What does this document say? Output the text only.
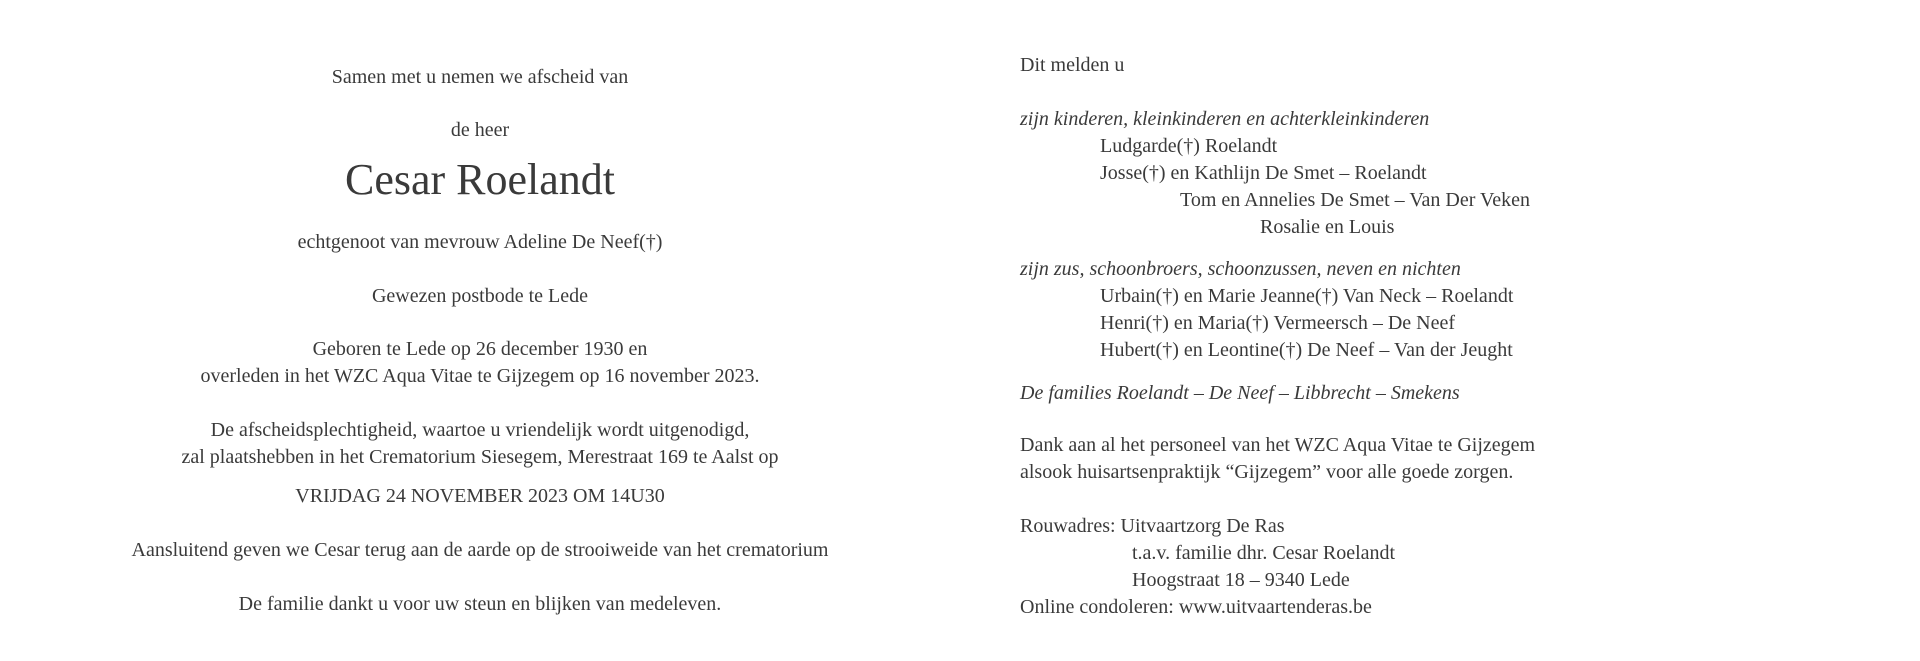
Samen met u nemen we afscheid van
de heer
Cesar Roelandt
echtgenoot van mevrouw Adeline De Neef(†)
Gewezen postbode te Lede
Geboren te Lede op 26 december 1930 en
overleden in het WZC Aqua Vitae te Gijzegem op 16 november 2023.
De afscheidsplechtigheid, waartoe u vriendelijk wordt uitgenodigd,
zal plaatshebben in het Crematorium Siesegem, Merestraat 169 te Aalst op
VRIJDAG 24 NOVEMBER 2023 OM 14U30
Aansluitend geven we Cesar terug aan de aarde op de strooiweide van het crematorium
De familie dankt u voor uw steun en blijken van medeleven.
Dit melden u
zijn kinderen, kleinkinderen en achterkleinkinderen
Ludgarde(†) Roelandt
Josse(†) en Kathlijn De Smet – Roelandt
Tom en Annelies De Smet – Van Der Veken
Rosalie en Louis
zijn zus, schoonbroers, schoonzussen, neven en nichten
Urbain(†) en Marie Jeanne(†) Van Neck – Roelandt
Henri(†) en Maria(†) Vermeersch – De Neef
Hubert(†) en Leontine(†) De Neef – Van der Jeught
De families Roelandt – De Neef – Libbrecht – Smekens
Dank aan al het personeel van het WZC Aqua Vitae te Gijzegem
alsook huisartsenpraktijk “Gijzegem” voor alle goede zorgen.
Rouwadres: Uitvaartzorg De Ras
t.a.v. familie dhr. Cesar Roelandt
Hoogstraat 18 – 9340 Lede
Online condoleren: www.uitvaartenderas.be
